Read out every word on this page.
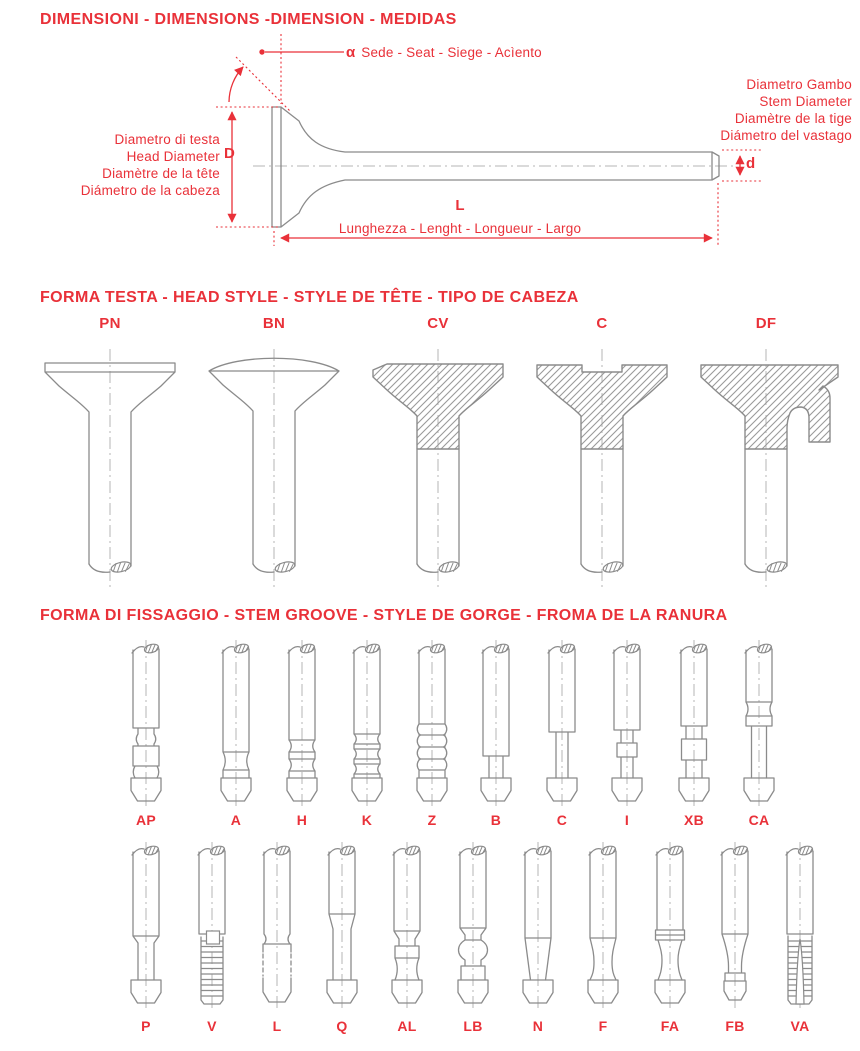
DIMENSIONI - DIMENSIONS -DIMENSION - MEDIDAS
α Sede - Seat - Siege - Acìento
Diametro Gambo
Stem Diameter
Diamètre de la tige
Diámetro del vastago
Diametro di testa
Head Diameter
Diamètre de la tête
Diámetro de la cabeza
D
d
L
Lunghezza - Lenght - Longueur - Largo
FORMA TESTA - HEAD STYLE - STYLE DE TÊTE - TIPO DE CABEZA
PN	BN	CV	C	DF
FORMA DI FISSAGGIO - STEM GROOVE - STYLE DE GORGE - FROMA DE LA RANURA
AP	A	H	K	Z	B	C	I	XB	CA
P	V	L	Q	AL	LB	N	F	FA	FB	VA
